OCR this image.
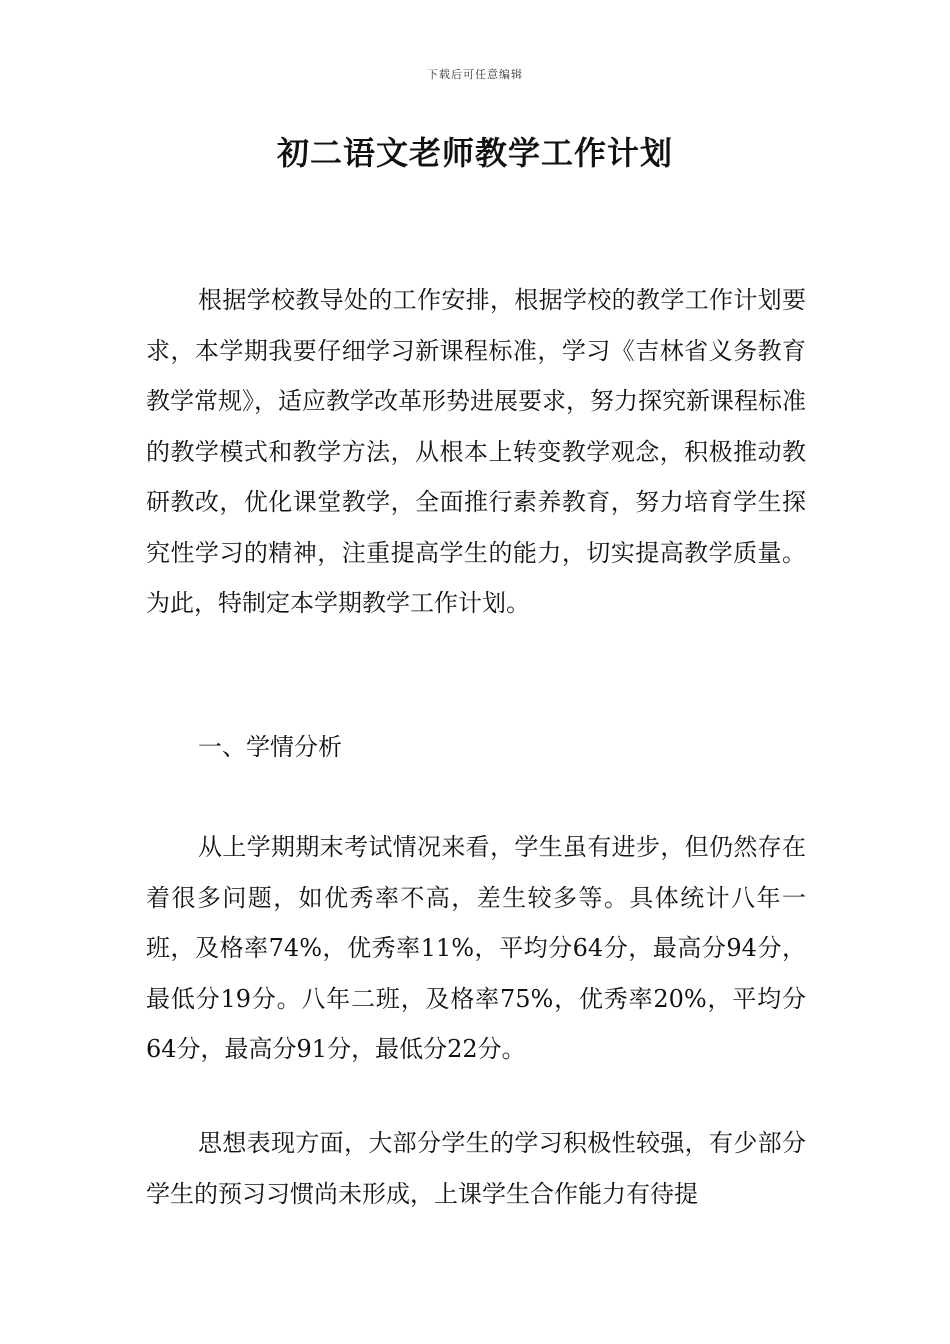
下载后可任意编辑
初二语文老师教学工作计划

根据学校教导处的工作安排，根据学校的教学工作计划要求，本学期我要仔细学习新课程标准，学习《吉林省义务教育教学常规》，适应教学改革形势进展要求，努力探究新课程标准的教学模式和教学方法，从根本上转变教学观念，积极推动教研教改，优化课堂教学，全面推行素养教育，努力培育学生探究性学习的精神，注重提高学生的能力，切实提高教学质量。为此，特制定本学期教学工作计划。

一、学情分析

从上学期期末考试情况来看，学生虽有进步，但仍然存在着很多问题，如优秀率不高，差生较多等。具体统计八年一班，及格率74%，优秀率11%，平均分64分，最高分94分，最低分19分。八年二班，及格率75%，优秀率20%，平均分64分，最高分91分，最低分22分。

思想表现方面，大部分学生的学习积极性较强，有少部分学生的预习习惯尚未形成，上课学生合作能力有待提
